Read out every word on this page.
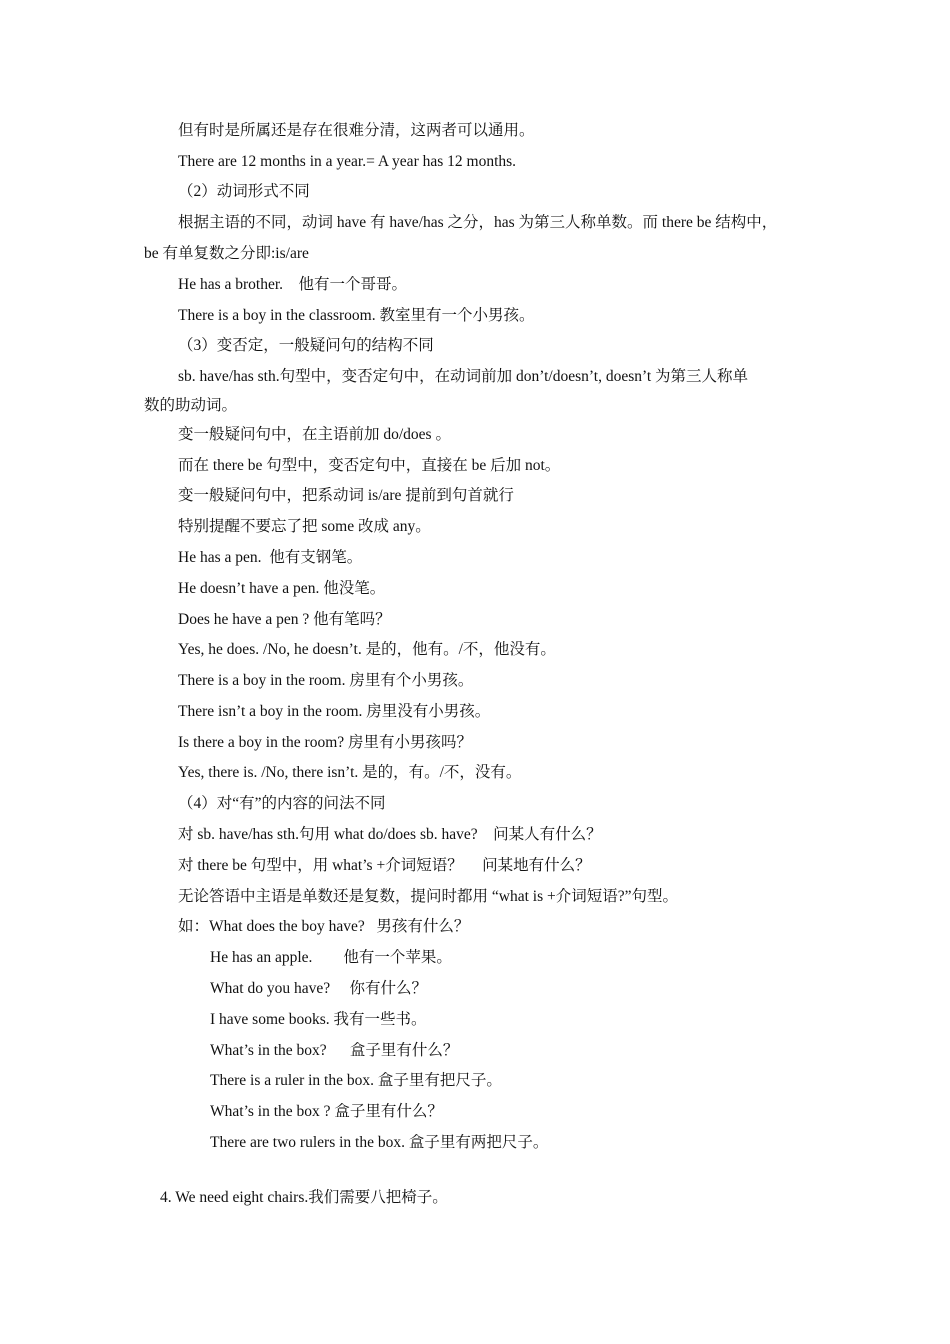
但有时是所属还是存在很难分清，这两者可以通用。
There are 12 months in a year.= A year has 12 months.
（2）动词形式不同
根据主语的不同，动词 have 有 have/has 之分，has 为第三人称单数。而 there be 结构中，
be 有单复数之分即:is/are
He has a brother.    他有一个哥哥。
There is a boy in the classroom. 教室里有一个小男孩。
（3）变否定，一般疑问句的结构不同
sb. have/has sth.句型中，变否定句中，在动词前加 don’t/doesn’t, doesn’t 为第三人称单
数的助动词。
变一般疑问句中，在主语前加 do/does 。
而在 there be 句型中，变否定句中，直接在 be 后加 not。
变一般疑问句中，把系动词 is/are 提前到句首就行
特别提醒不要忘了把 some 改成 any。
He has a pen.  他有支钢笔。
He doesn’t have a pen. 他没笔。
Does he have a pen ? 他有笔吗？
Yes, he does. /No, he doesn’t. 是的，他有。/不，他没有。
There is a boy in the room. 房里有个小男孩。
There isn’t a boy in the room. 房里没有小男孩。
Is there a boy in the room? 房里有小男孩吗？
Yes, there is. /No, there isn’t. 是的，有。/不，没有。
（4）对“有”的内容的问法不同
对 sb. have/has sth.句用 what do/does sb. have?    问某人有什么？
对 there be 句型中，用 what’s +介词短语？     问某地有什么？
无论答语中主语是单数还是复数，提问时都用 “what is +介词短语?”句型。
如：What does the boy have?   男孩有什么？
He has an apple.        他有一个苹果。
What do you have?     你有什么？
I have some books. 我有一些书。
What’s in the box?      盒子里有什么？
There is a ruler in the box. 盒子里有把尺子。
What’s in the box ? 盒子里有什么？
There are two rulers in the box. 盒子里有两把尺子。
4. We need eight chairs.我们需要八把椅子。
